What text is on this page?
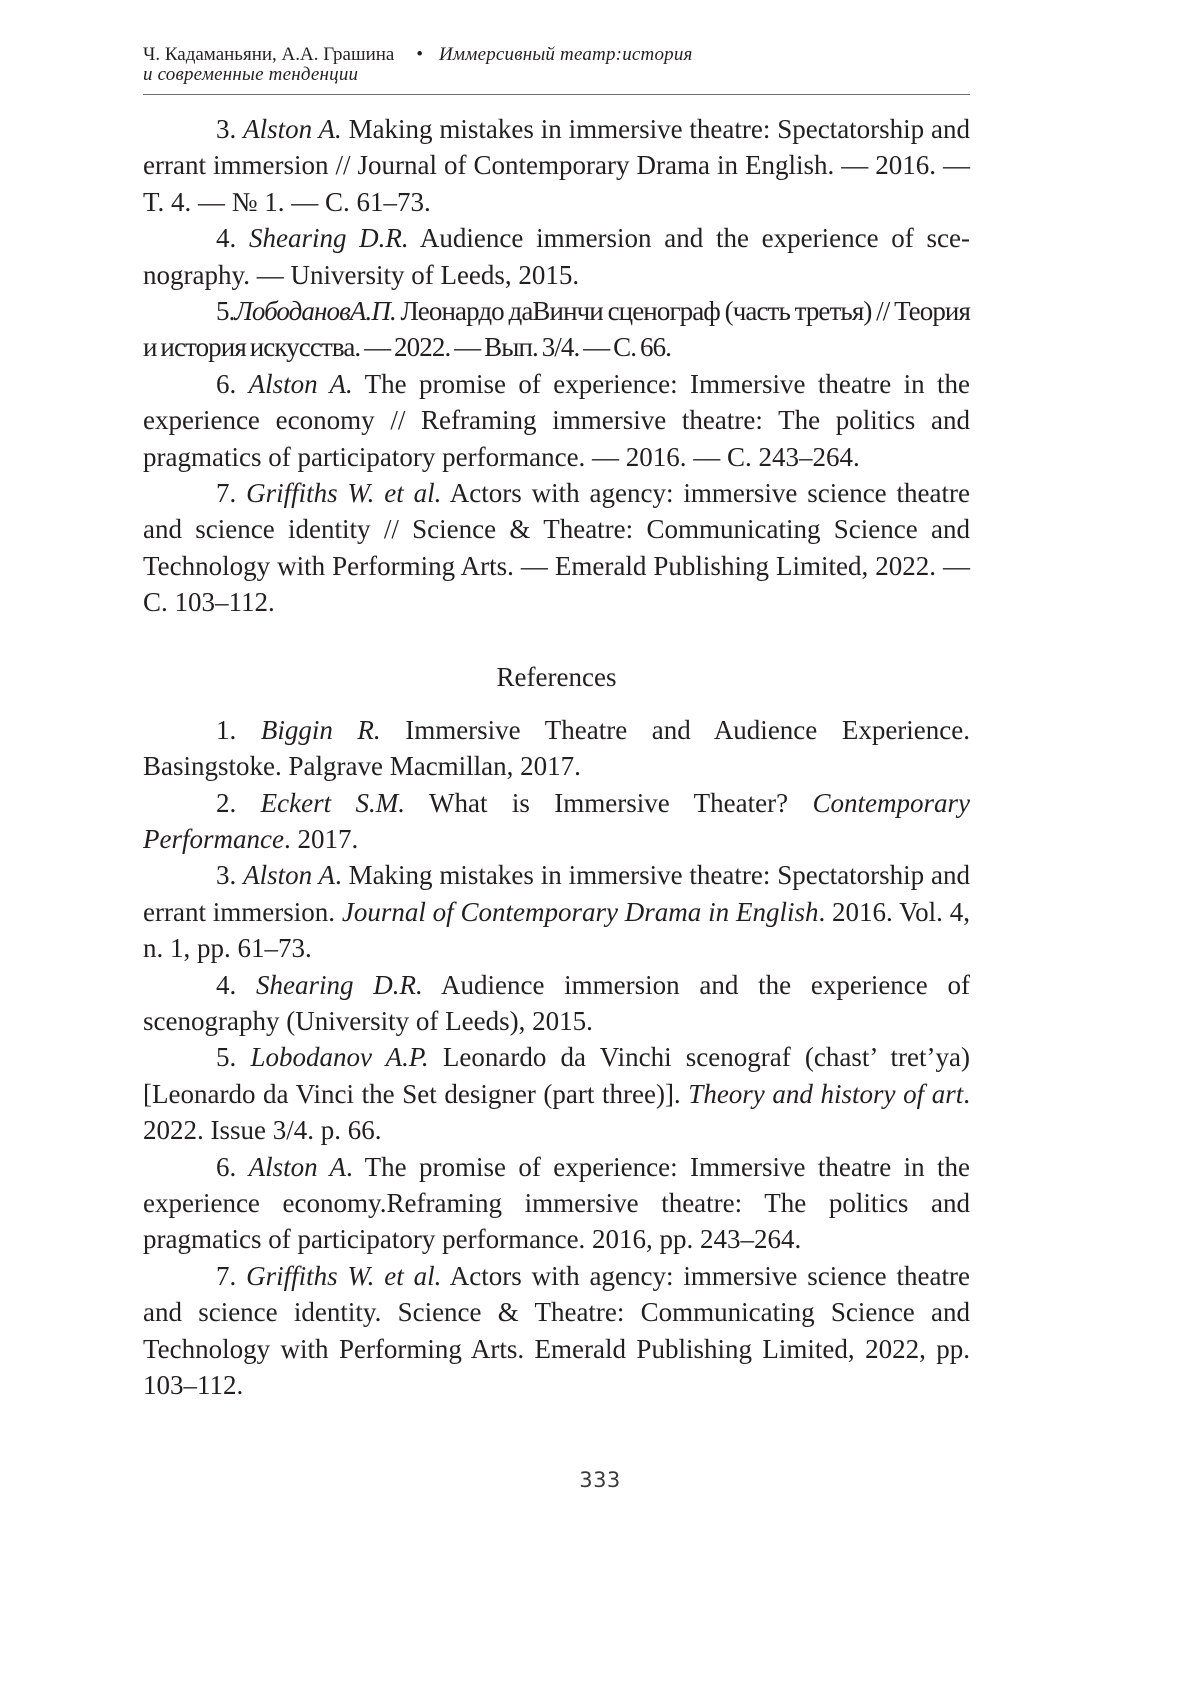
Ч. Кадаманьяни, А.А. Грашина • Иммерсивный театр:история
и современные тенденции

3. Alston A. Making mistakes in immersive theatre: Spectatorship and errant immersion // Journal of Contemporary Drama in English. — 2016. — T. 4. — № 1. — C. 61–73.

4. Shearing D.R. Audience immersion and the experience of scenography. — University of Leeds, 2015.

5.ЛободановА.П. Леонардо даВинчи сценограф (часть третья) // Теория и история искусства. — 2022. — Вып. 3/4. — С. 66.

6. Alston A. The promise of experience: Immersive theatre in the experience economy // Reframing immersive theatre: The politics and pragmatics of participatory performance. — 2016. — C. 243–264.

7. Griffiths W. et al. Actors with agency: immersive science theatre and science identity // Science & Theatre: Communicating Science and Technology with Performing Arts. — Emerald Publishing Limited, 2022. — C. 103–112.

References

1. Biggin R. Immersive Theatre and Audience Experience. Basingstoke. Palgrave Macmillan, 2017.

2. Eckert S.M. What is Immersive Theater? Contemporary Performance. 2017.

3. Alston A. Making mistakes in immersive theatre: Spectatorship and errant immersion. Journal of Contemporary Drama in English. 2016. Vol. 4, n. 1, pp. 61–73.

4. Shearing D.R. Audience immersion and the experience of scenography (University of Leeds), 2015.

5. Lobodanov A.P. Leonardo da Vinchi scenograf (chast’ tret’ya) [Leonardo da Vinci the Set designer (part three)]. Theory and history of art. 2022. Issue 3/4. p. 66.

6. Alston A. The promise of experience: Immersive theatre in the experience economy.Reframing immersive theatre: The politics and pragmatics of participatory performance. 2016, pp. 243–264.

7. Griffiths W. et al. Actors with agency: immersive science theatre and science identity. Science & Theatre: Communicating Science and Technology with Performing Arts. Emerald Publishing Limited, 2022, pp. 103–112.

333
